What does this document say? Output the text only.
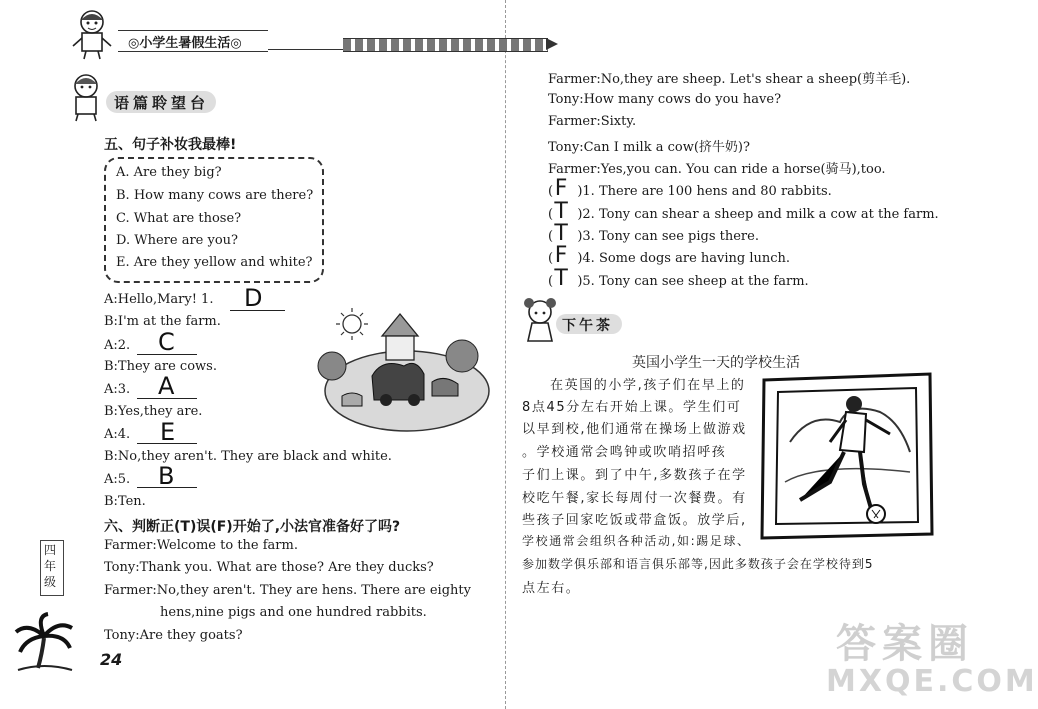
◎小学生暑假生活◎
语篇聆望台
五、句子补妆我最棒!
A. Are they big?
B. How many cows are there?
C. What are those?
D. Where are you?
E. Are they yellow and white?
A:Hello,Mary! 1. D
B:I'm at the farm.
A:2. C
B:They are cows.
A:3. A
B:Yes,they are.
A:4. E
B:No,they aren't. They are black and white.
A:5. B
B:Ten.
六、判断正(T)误(F)开始了,小法官准备好了吗?
Farmer:Welcome to the farm.
Tony:Thank you. What are those? Are they ducks?
Farmer:No,they aren't. They are hens. There are eighty
hens,nine pigs and one hundred rabbits.
Tony:Are they goats?
四年级
24
Farmer:No,they are sheep. Let's shear a sheep(剪羊毛).
Tony:How many cows do you have?
Farmer:Sixty.
Tony:Can I milk a cow(挤牛奶)?
Farmer:Yes,you can. You can ride a horse(骑马),too.
(F )1. There are 100 hens and 80 rabbits.
(T )2. Tony can shear a sheep and milk a cow at the farm.
(T )3. Tony can see pigs there.
(F )4. Some dogs are having lunch.
(T )5. Tony can see sheep at the farm.
下午茶
英国小学生一天的学校生活
在英国的小学,孩子们在早上的
8点45分左右开始上课。学生们可
以早到校,他们通常在操场上做游戏
。学校通常会鸣钟或吹哨招呼孩
子们上课。到了中午,多数孩子在学
校吃午餐,家长每周付一次餐费。有
些孩子回家吃饭或带盒饭。放学后,
学校通常会组织各种活动,如:踢足球、
参加数学俱乐部和语言俱乐部等,因此多数孩子会在学校待到5
点左右。
答案圈
MXQE.COM
